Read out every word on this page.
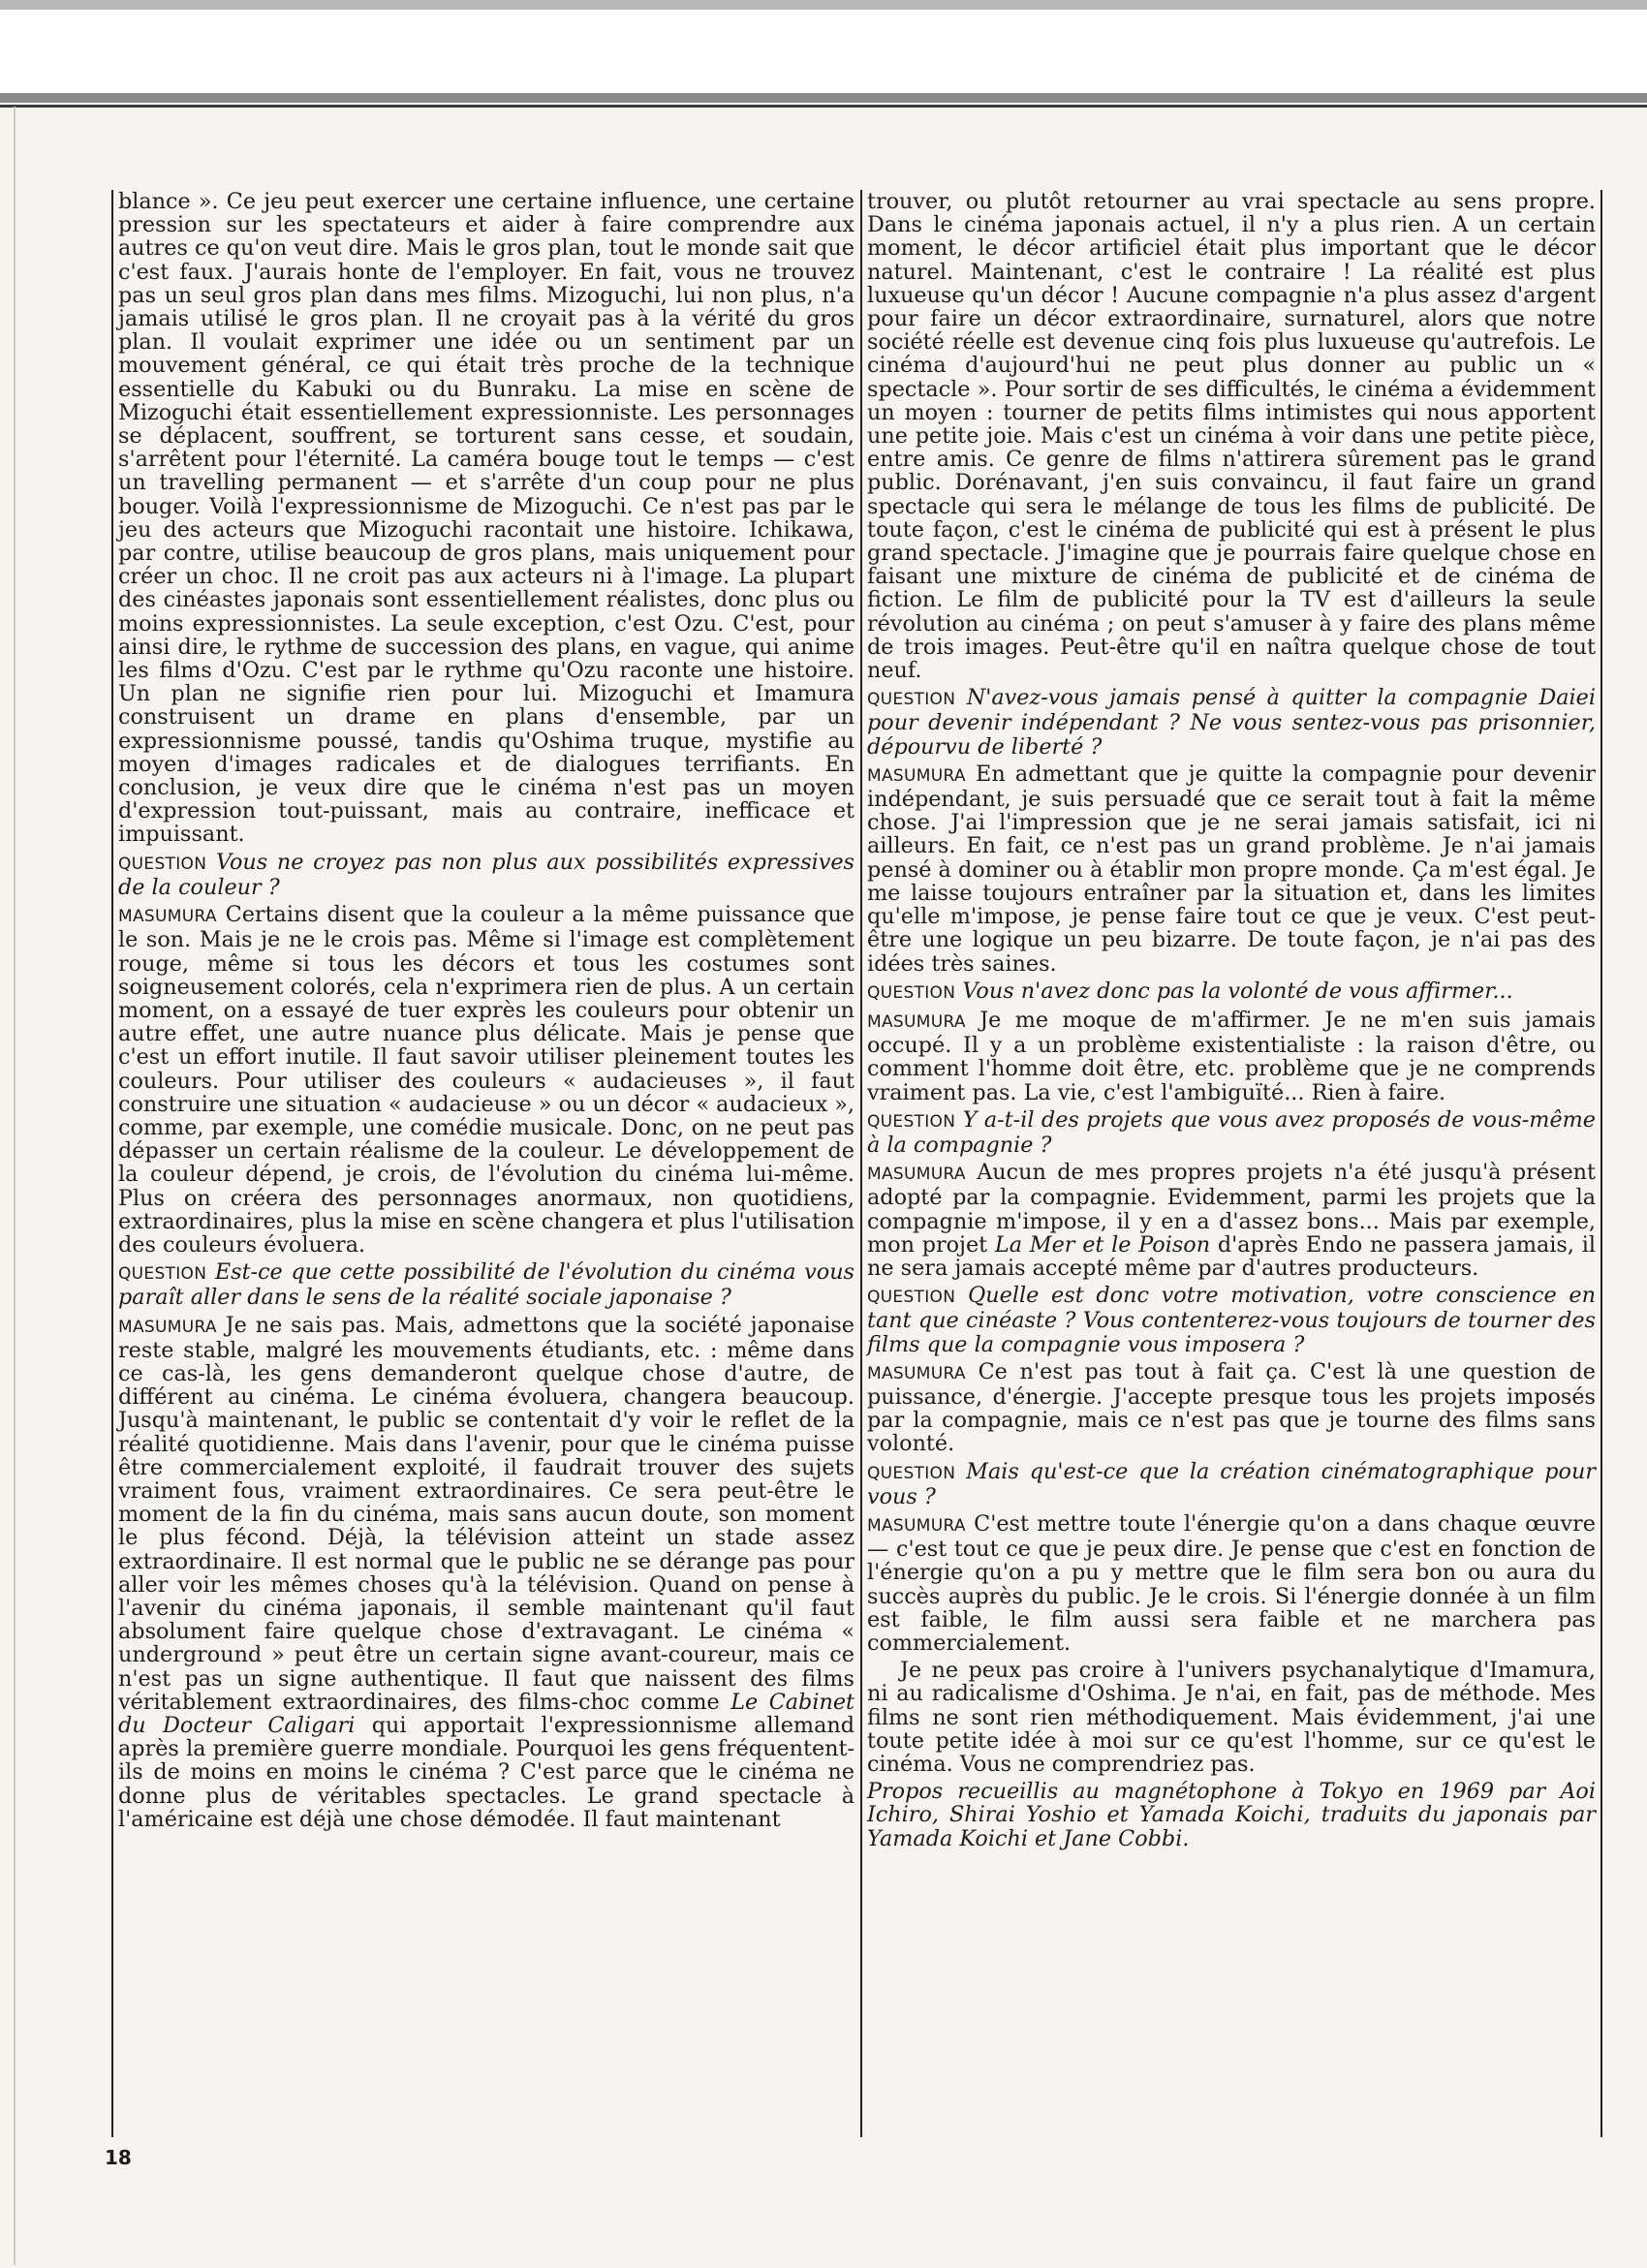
blance ». Ce jeu peut exercer une certaine influence, une certaine pression sur les spectateurs et aider à faire comprendre aux autres ce qu'on veut dire. Mais le gros plan, tout le monde sait que c'est faux. J'aurais honte de l'employer. En fait, vous ne trouvez pas un seul gros plan dans mes films. Mizoguchi, lui non plus, n'a jamais utilisé le gros plan. Il ne croyait pas à la vérité du gros plan. Il voulait exprimer une idée ou un sentiment par un mouvement général, ce qui était très proche de la technique essentielle du Kabuki ou du Bunraku. La mise en scène de Mizoguchi était essentiellement expressionniste. Les personnages se déplacent, souffrent, se torturent sans cesse, et soudain, s'arrêtent pour l'éternité. La caméra bouge tout le temps — c'est un travelling permanent — et s'arrête d'un coup pour ne plus bouger. Voilà l'expressionnisme de Mizoguchi. Ce n'est pas par le jeu des acteurs que Mizoguchi racontait une histoire. Ichikawa, par contre, utilise beaucoup de gros plans, mais uniquement pour créer un choc. Il ne croit pas aux acteurs ni à l'image. La plupart des cinéastes japonais sont essentiellement réalistes, donc plus ou moins expressionnistes. La seule exception, c'est Ozu. C'est, pour ainsi dire, le rythme de succession des plans, en vague, qui anime les films d'Ozu. C'est par le rythme qu'Ozu raconte une histoire. Un plan ne signifie rien pour lui. Mizoguchi et Imamura construisent un drame en plans d'ensemble, par un expressionnisme poussé, tandis qu'Oshima truque, mystifie au moyen d'images radicales et de dialogues terrifiants. En conclusion, je veux dire que le cinéma n'est pas un moyen d'expression tout-puissant, mais au contraire, inefficace et impuissant.

QUESTION Vous ne croyez pas non plus aux possibilités expressives de la couleur ?

MASUMURA Certains disent que la couleur a la même puissance que le son. Mais je ne le crois pas. Même si l'image est complètement rouge, même si tous les décors et tous les costumes sont soigneusement colorés, cela n'exprimera rien de plus. A un certain moment, on a essayé de tuer exprès les couleurs pour obtenir un autre effet, une autre nuance plus délicate. Mais je pense que c'est un effort inutile. Il faut savoir utiliser pleinement toutes les couleurs. Pour utiliser des couleurs « audacieuses », il faut construire une situation « audacieuse » ou un décor « audacieux », comme, par exemple, une comédie musicale. Donc, on ne peut pas dépasser un certain réalisme de la couleur. Le développement de la couleur dépend, je crois, de l'évolution du cinéma lui-même. Plus on créera des personnages anormaux, non quotidiens, extraordinaires, plus la mise en scène changera et plus l'utilisation des couleurs évoluera.

QUESTION Est-ce que cette possibilité de l'évolution du cinéma vous paraît aller dans le sens de la réalité sociale japonaise ?

MASUMURA Je ne sais pas. Mais, admettons que la société japonaise reste stable, malgré les mouvements étudiants, etc. : même dans ce cas-là, les gens demanderont quelque chose d'autre, de différent au cinéma. Le cinéma évoluera, changera beaucoup. Jusqu'à maintenant, le public se contentait d'y voir le reflet de la réalité quotidienne. Mais dans l'avenir, pour que le cinéma puisse être commercialement exploité, il faudrait trouver des sujets vraiment fous, vraiment extraordinaires. Ce sera peut-être le moment de la fin du cinéma, mais sans aucun doute, son moment le plus fécond. Déjà, la télévision atteint un stade assez extraordinaire. Il est normal que le public ne se dérange pas pour aller voir les mêmes choses qu'à la télévision. Quand on pense à l'avenir du cinéma japonais, il semble maintenant qu'il faut absolument faire quelque chose d'extravagant. Le cinéma « underground » peut être un certain signe avant-coureur, mais ce n'est pas un signe authentique. Il faut que naissent des films véritablement extraordinaires, des films-choc comme Le Cabinet du Docteur Caligari qui apportait l'expressionnisme allemand après la première guerre mondiale. Pourquoi les gens fréquentent-ils de moins en moins le cinéma ? C'est parce que le cinéma ne donne plus de véritables spectacles. Le grand spectacle à l'américaine est déjà une chose démodée. Il faut maintenant

trouver, ou plutôt retourner au vrai spectacle au sens propre. Dans le cinéma japonais actuel, il n'y a plus rien. A un certain moment, le décor artificiel était plus important que le décor naturel. Maintenant, c'est le contraire ! La réalité est plus luxueuse qu'un décor ! Aucune compagnie n'a plus assez d'argent pour faire un décor extraordinaire, surnaturel, alors que notre société réelle est devenue cinq fois plus luxueuse qu'autrefois. Le cinéma d'aujourd'hui ne peut plus donner au public un « spectacle ». Pour sortir de ses difficultés, le cinéma a évidemment un moyen : tourner de petits films intimistes qui nous apportent une petite joie. Mais c'est un cinéma à voir dans une petite pièce, entre amis. Ce genre de films n'attirera sûrement pas le grand public. Dorénavant, j'en suis convaincu, il faut faire un grand spectacle qui sera le mélange de tous les films de publicité. De toute façon, c'est le cinéma de publicité qui est à présent le plus grand spectacle. J'imagine que je pourrais faire quelque chose en faisant une mixture de cinéma de publicité et de cinéma de fiction. Le film de publicité pour la TV est d'ailleurs la seule révolution au cinéma ; on peut s'amuser à y faire des plans même de trois images. Peut-être qu'il en naîtra quelque chose de tout neuf.

QUESTION N'avez-vous jamais pensé à quitter la compagnie Daiei pour devenir indépendant ? Ne vous sentez-vous pas prisonnier, dépourvu de liberté ?

MASUMURA En admettant que je quitte la compagnie pour devenir indépendant, je suis persuadé que ce serait tout à fait la même chose. J'ai l'impression que je ne serai jamais satisfait, ici ni ailleurs. En fait, ce n'est pas un grand problème. Je n'ai jamais pensé à dominer ou à établir mon propre monde. Ça m'est égal. Je me laisse toujours entraîner par la situation et, dans les limites qu'elle m'impose, je pense faire tout ce que je veux. C'est peut-être une logique un peu bizarre. De toute façon, je n'ai pas des idées très saines.

QUESTION Vous n'avez donc pas la volonté de vous affirmer...

MASUMURA Je me moque de m'affirmer. Je ne m'en suis jamais occupé. Il y a un problème existentialiste : la raison d'être, ou comment l'homme doit être, etc. problème que je ne comprends vraiment pas. La vie, c'est l'ambiguïté... Rien à faire.

QUESTION Y a-t-il des projets que vous avez proposés de vous-même à la compagnie ?

MASUMURA Aucun de mes propres projets n'a été jusqu'à présent adopté par la compagnie. Evidemment, parmi les projets que la compagnie m'impose, il y en a d'assez bons... Mais par exemple, mon projet La Mer et le Poison d'après Endo ne passera jamais, il ne sera jamais accepté même par d'autres producteurs.

QUESTION Quelle est donc votre motivation, votre conscience en tant que cinéaste ? Vous contenterez-vous toujours de tourner des films que la compagnie vous imposera ?

MASUMURA Ce n'est pas tout à fait ça. C'est là une question de puissance, d'énergie. J'accepte presque tous les projets imposés par la compagnie, mais ce n'est pas que je tourne des films sans volonté.

QUESTION Mais qu'est-ce que la création cinématographique pour vous ?

MASUMURA C'est mettre toute l'énergie qu'on a dans chaque œuvre — c'est tout ce que je peux dire. Je pense que c'est en fonction de l'énergie qu'on a pu y mettre que le film sera bon ou aura du succès auprès du public. Je le crois. Si l'énergie donnée à un film est faible, le film aussi sera faible et ne marchera pas commercialement.

Je ne peux pas croire à l'univers psychanalytique d'Imamura, ni au radicalisme d'Oshima. Je n'ai, en fait, pas de méthode. Mes films ne sont rien méthodiquement. Mais évidemment, j'ai une toute petite idée à moi sur ce qu'est l'homme, sur ce qu'est le cinéma. Vous ne comprendriez pas.

Propos recueillis au magnétophone à Tokyo en 1969 par Aoi Ichiro, Shirai Yoshio et Yamada Koichi, traduits du japonais par Yamada Koichi et Jane Cobbi.

18
